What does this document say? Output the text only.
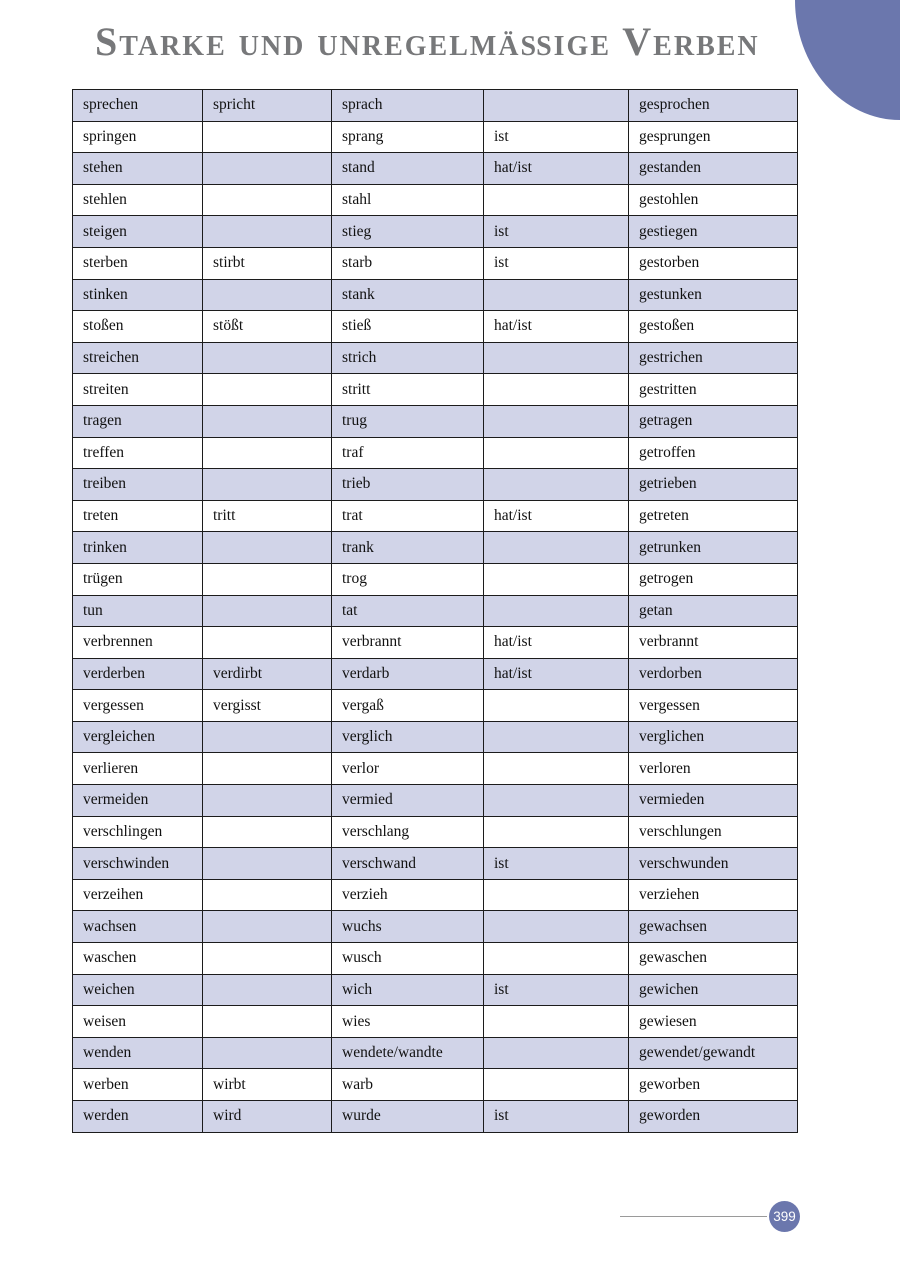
Starke und unregelmäßige Verben
sprechen	spricht	sprach		gesprochen
springen		sprang	ist	gesprungen
stehen		stand	hat/ist	gestanden
stehlen		stahl		gestohlen
steigen		stieg	ist	gestiegen
sterben	stirbt	starb	ist	gestorben
stinken		stank		gestunken
stoßen	stößt	stieß	hat/ist	gestoßen
streichen		strich		gestrichen
streiten		stritt		gestritten
tragen		trug		getragen
treffen		traf		getroffen
treiben		trieb		getrieben
treten	tritt	trat	hat/ist	getreten
trinken		trank		getrunken
trügen		trog		getrogen
tun		tat		getan
verbrennen		verbrannt	hat/ist	verbrannt
verderben	verdirbt	verdarb	hat/ist	verdorben
vergessen	vergisst	vergaß		vergessen
vergleichen		verglich		verglichen
verlieren		verlor		verloren
vermeiden		vermied		vermieden
verschlingen		verschlang		verschlungen
verschwinden		verschwand	ist	verschwunden
verzeihen		verzieh		verziehen
wachsen		wuchs		gewachsen
waschen		wusch		gewaschen
weichen		wich	ist	gewichen
weisen		wies		gewiesen
wenden		wendete/wandte		gewendet/gewandt
werben	wirbt	warb		geworben
werden	wird	wurde	ist	geworden
399
